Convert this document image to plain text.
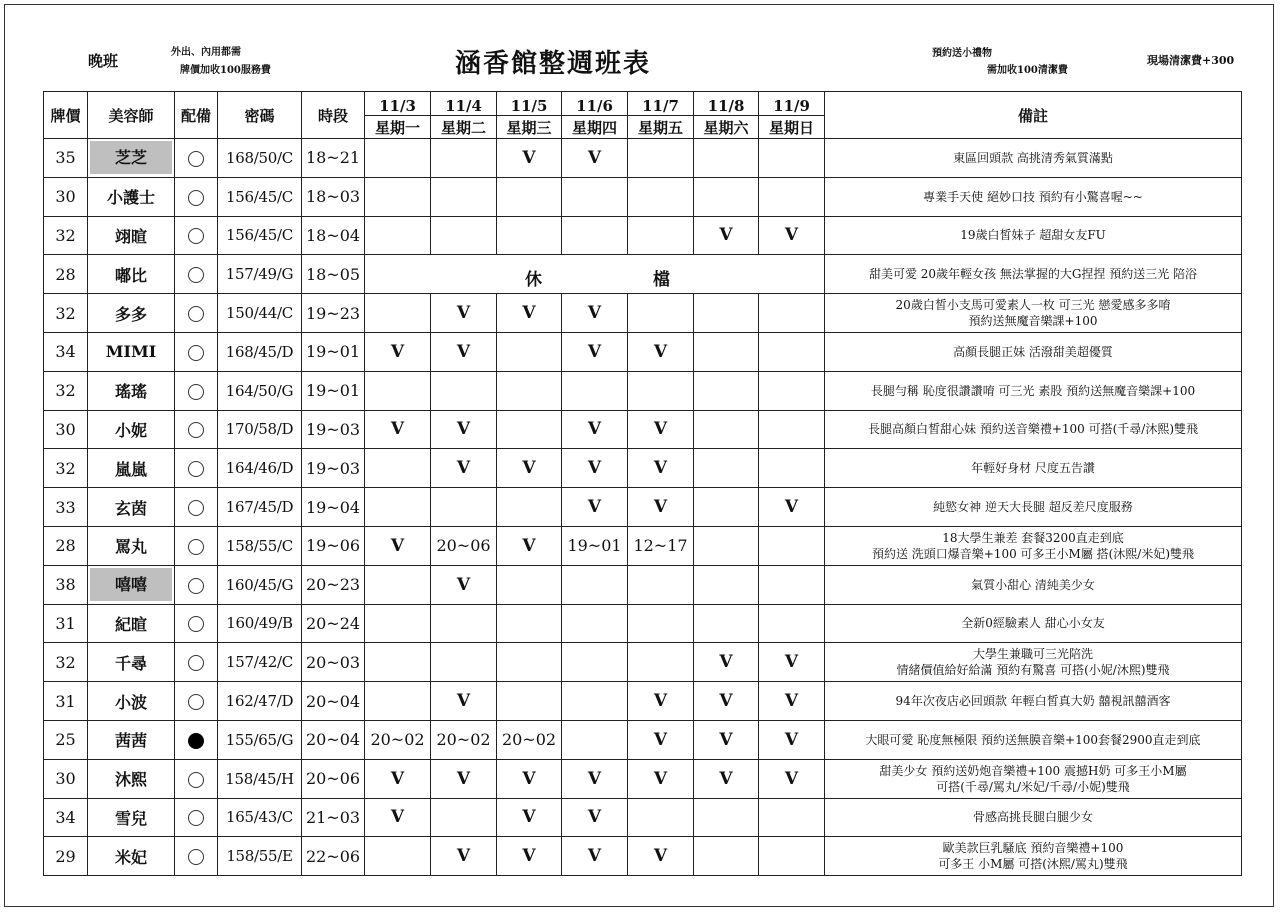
晚班	外出、內用都需
牌價加收100服務費	涵香館整週班表	預約送小禮物
需加收100清潔費
現場清潔費+300
牌價	美容師	配備	密碼	時段	11/3	11/4	11/5	11/6	11/7	11/8	11/9	備註
					星期一	星期二	星期三	星期四	星期五	星期六	星期日	
35	芝芝		168/50/C	18~21			V	V				東區回頭款 高挑清秀氣質滿點

30	小護士		156/45/C	18~03								專業手天使 絕妙口技 預約有小驚喜喔~~

32	翊暄		156/45/C	18~04						V	V	19歲白皙妹子 超甜女友FU

28	嘟比		157/49/G	18~05	休 檔							甜美可愛 20歲年輕女孩 無法掌握的大G捏捏 預約送三光 陪浴

32	多多		150/44/C	19~23		V	V	V				20歲白皙小支馬可愛素人一枚 可三光 戀愛感多多唷
預約送無魔音樂課+100

34	MIMI		168/45/D	19~01	V	V		V	V			高顏長腿正妹 活潑甜美超優質

32	瑤瑤		164/50/G	19~01								長腿勻稱 恥度很讚讚唷 可三光 素股 預約送無魔音樂課+100

30	小妮		170/58/D	19~03	V	V		V	V			長腿高顏白皙甜心妹 預約送音樂禮+100 可搭(千尋/沐熙)雙飛

32	嵐嵐		164/46/D	19~03		V	V	V	V			年輕好身材 尺度五告讚

33	玄茵		167/45/D	19~04				V	V		V	純慾女神 逆天大長腿 超反差尺度服務

28	罵丸		158/55/C	19~06	V	20~06	V	19~01	12~17			18大學生兼差 套餐3200直走到底
預約送 洗頭口爆音樂+100 可多王小M屬 搭(沐熙/米妃)雙飛

38	嘻嘻		160/45/G	20~23		V						氣質小甜心 清純美少女

31	紀暄		160/49/B	20~24								全新0經驗素人 甜心小女友

32	千尋		157/42/C	20~03						V	V	大學生兼職可三光陪洗
情緒價值給好給滿 預約有驚喜 可搭(小妮/沐熙)雙飛

31	小波		162/47/D	20~04		V			V	V	V	94年次夜店必回頭款 年輕白皙真大奶 囍視訊囍酒客

25	茜茜		155/65/G	20~04	20~02	20~02	20~02		V	V	V	大眼可愛 恥度無極限 預約送無膜音樂+100套餐2900直走到底

30	沐熙		158/45/H	20~06	V	V	V	V	V	V	V	甜美少女 預約送奶炮音樂禮+100 震撼H奶 可多王小M屬
可搭(千尋/罵丸/米妃/千尋/小妮)雙飛

34	雪兒		165/43/C	21~03	V		V	V				骨感高挑長腿白腿少女

29	米妃		158/55/E	22~06		V	V	V	V			歐美款巨乳騷底 預約音樂禮+100
可多王 小M屬 可搭(沐熙/罵丸)雙飛
